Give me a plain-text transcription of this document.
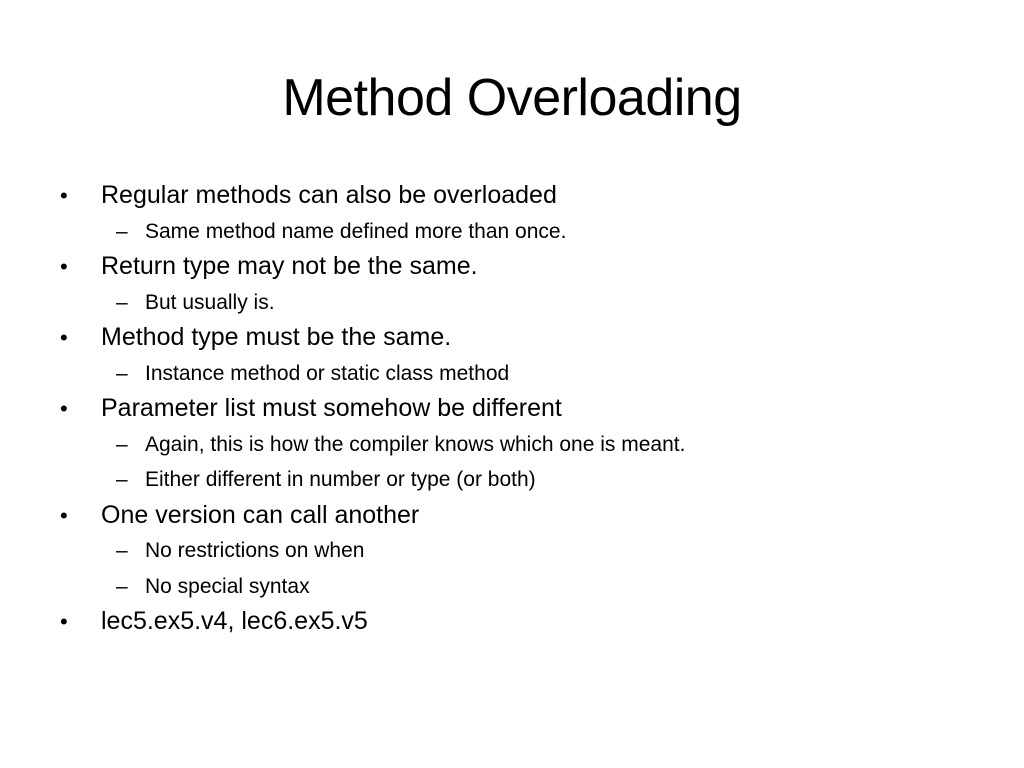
Method Overloading
• Regular methods can also be overloaded
– Same method name defined more than once.
• Return type may not be the same.
– But usually is.
• Method type must be the same.
– Instance method or static class method
• Parameter list must somehow be different
– Again, this is how the compiler knows which one is meant.
– Either different in number or type (or both)
• One version can call another
– No restrictions on when
– No special syntax
• lec5.ex5.v4, lec6.ex5.v5
